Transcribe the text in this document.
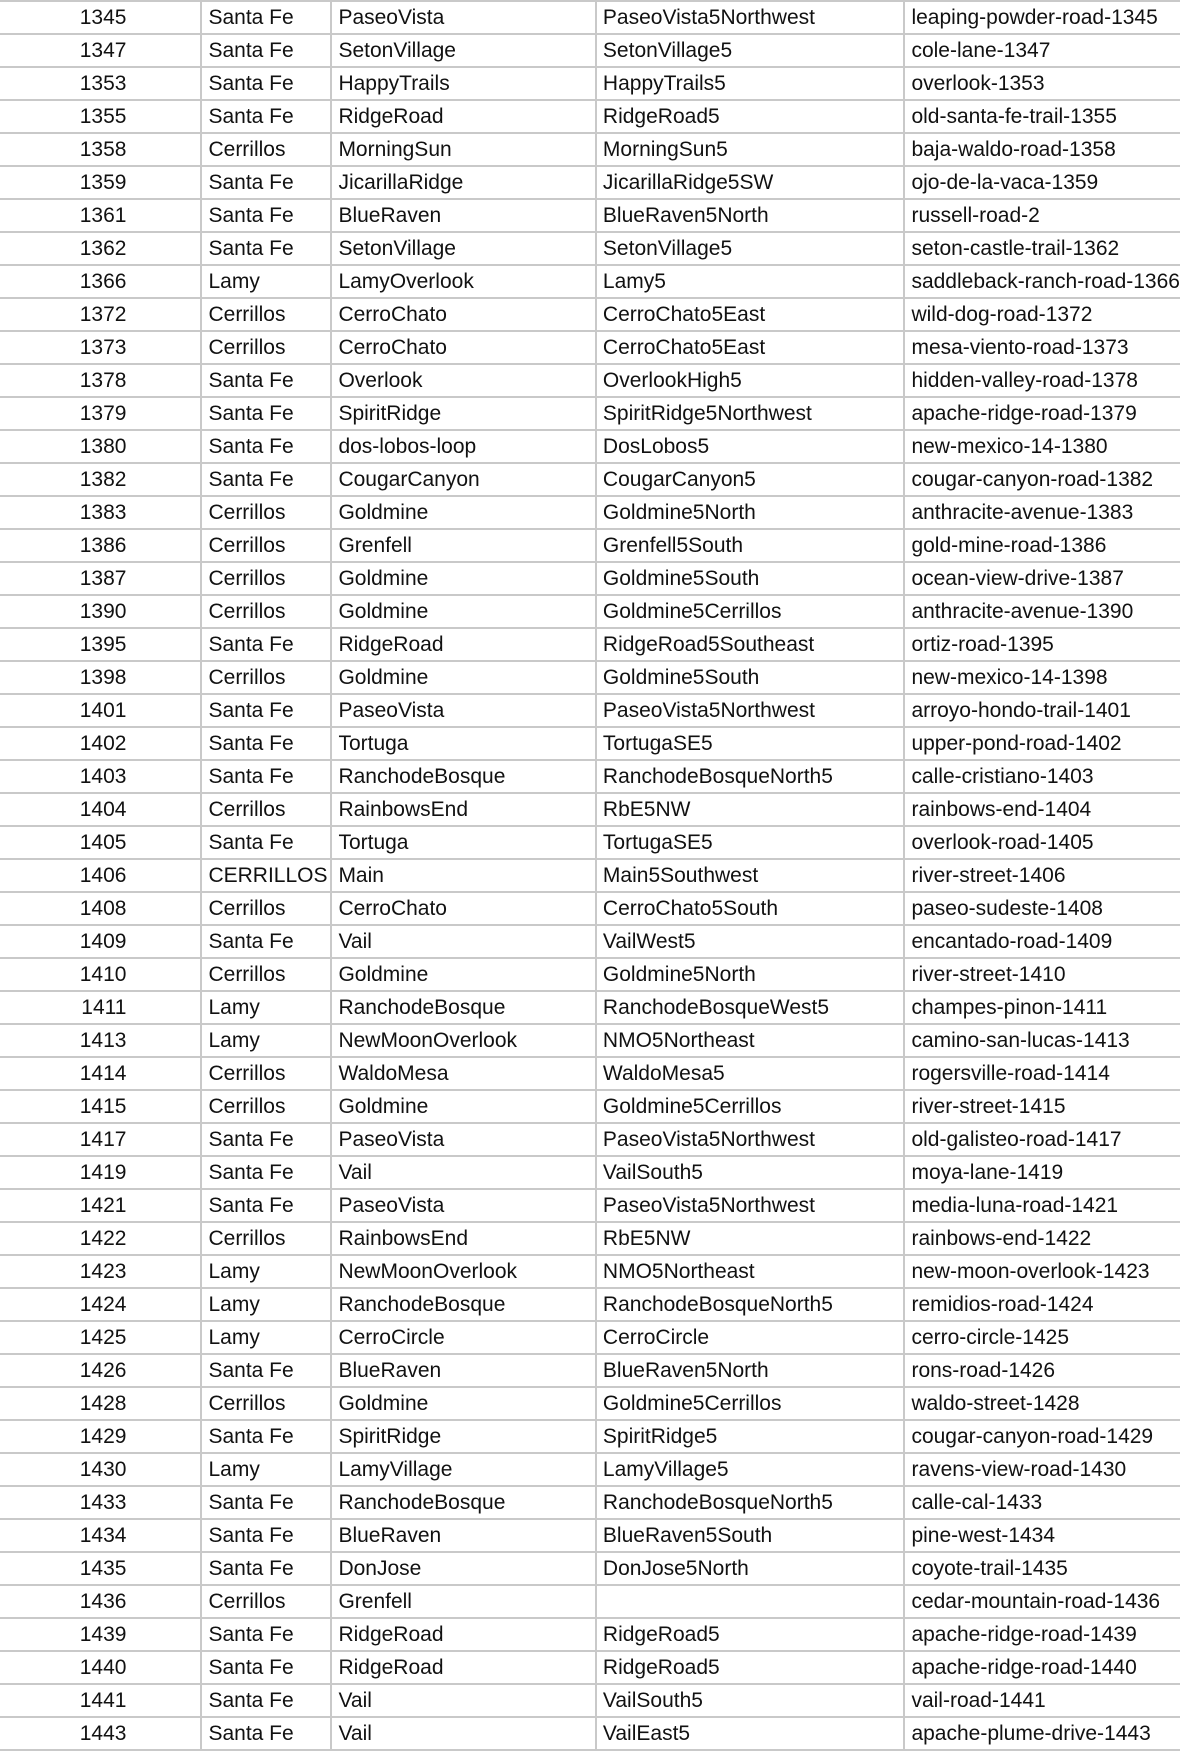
1345	Santa Fe	PaseoVista	PaseoVista5Northwest	leaping-powder-road-1345
1347	Santa Fe	SetonVillage	SetonVillage5	cole-lane-1347
1353	Santa Fe	HappyTrails	HappyTrails5	overlook-1353
1355	Santa Fe	RidgeRoad	RidgeRoad5	old-santa-fe-trail-1355
1358	Cerrillos	MorningSun	MorningSun5	baja-waldo-road-1358
1359	Santa Fe	JicarillaRidge	JicarillaRidge5SW	ojo-de-la-vaca-1359
1361	Santa Fe	BlueRaven	BlueRaven5North	russell-road-2
1362	Santa Fe	SetonVillage	SetonVillage5	seton-castle-trail-1362
1366	Lamy	LamyOverlook	Lamy5	saddleback-ranch-road-1366
1372	Cerrillos	CerroChato	CerroChato5East	wild-dog-road-1372
1373	Cerrillos	CerroChato	CerroChato5East	mesa-viento-road-1373
1378	Santa Fe	Overlook	OverlookHigh5	hidden-valley-road-1378
1379	Santa Fe	SpiritRidge	SpiritRidge5Northwest	apache-ridge-road-1379
1380	Santa Fe	dos-lobos-loop	DosLobos5	new-mexico-14-1380
1382	Santa Fe	CougarCanyon	CougarCanyon5	cougar-canyon-road-1382
1383	Cerrillos	Goldmine	Goldmine5North	anthracite-avenue-1383
1386	Cerrillos	Grenfell	Grenfell5South	gold-mine-road-1386
1387	Cerrillos	Goldmine	Goldmine5South	ocean-view-drive-1387
1390	Cerrillos	Goldmine	Goldmine5Cerrillos	anthracite-avenue-1390
1395	Santa Fe	RidgeRoad	RidgeRoad5Southeast	ortiz-road-1395
1398	Cerrillos	Goldmine	Goldmine5South	new-mexico-14-1398
1401	Santa Fe	PaseoVista	PaseoVista5Northwest	arroyo-hondo-trail-1401
1402	Santa Fe	Tortuga	TortugaSE5	upper-pond-road-1402
1403	Santa Fe	RanchodeBosque	RanchodeBosqueNorth5	calle-cristiano-1403
1404	Cerrillos	RainbowsEnd	RbE5NW	rainbows-end-1404
1405	Santa Fe	Tortuga	TortugaSE5	overlook-road-1405
1406	CERRILLOS	Main	Main5Southwest	river-street-1406
1408	Cerrillos	CerroChato	CerroChato5South	paseo-sudeste-1408
1409	Santa Fe	Vail	VailWest5	encantado-road-1409
1410	Cerrillos	Goldmine	Goldmine5North	river-street-1410
1411	Lamy	RanchodeBosque	RanchodeBosqueWest5	champes-pinon-1411
1413	Lamy	NewMoonOverlook	NMO5Northeast	camino-san-lucas-1413
1414	Cerrillos	WaldoMesa	WaldoMesa5	rogersville-road-1414
1415	Cerrillos	Goldmine	Goldmine5Cerrillos	river-street-1415
1417	Santa Fe	PaseoVista	PaseoVista5Northwest	old-galisteo-road-1417
1419	Santa Fe	Vail	VailSouth5	moya-lane-1419
1421	Santa Fe	PaseoVista	PaseoVista5Northwest	media-luna-road-1421
1422	Cerrillos	RainbowsEnd	RbE5NW	rainbows-end-1422
1423	Lamy	NewMoonOverlook	NMO5Northeast	new-moon-overlook-1423
1424	Lamy	RanchodeBosque	RanchodeBosqueNorth5	remidios-road-1424
1425	Lamy	CerroCircle	CerroCircle	cerro-circle-1425
1426	Santa Fe	BlueRaven	BlueRaven5North	rons-road-1426
1428	Cerrillos	Goldmine	Goldmine5Cerrillos	waldo-street-1428
1429	Santa Fe	SpiritRidge	SpiritRidge5	cougar-canyon-road-1429
1430	Lamy	LamyVillage	LamyVillage5	ravens-view-road-1430
1433	Santa Fe	RanchodeBosque	RanchodeBosqueNorth5	calle-cal-1433
1434	Santa Fe	BlueRaven	BlueRaven5South	pine-west-1434
1435	Santa Fe	DonJose	DonJose5North	coyote-trail-1435
1436	Cerrillos	Grenfell		cedar-mountain-road-1436
1439	Santa Fe	RidgeRoad	RidgeRoad5	apache-ridge-road-1439
1440	Santa Fe	RidgeRoad	RidgeRoad5	apache-ridge-road-1440
1441	Santa Fe	Vail	VailSouth5	vail-road-1441
1443	Santa Fe	Vail	VailEast5	apache-plume-drive-1443
